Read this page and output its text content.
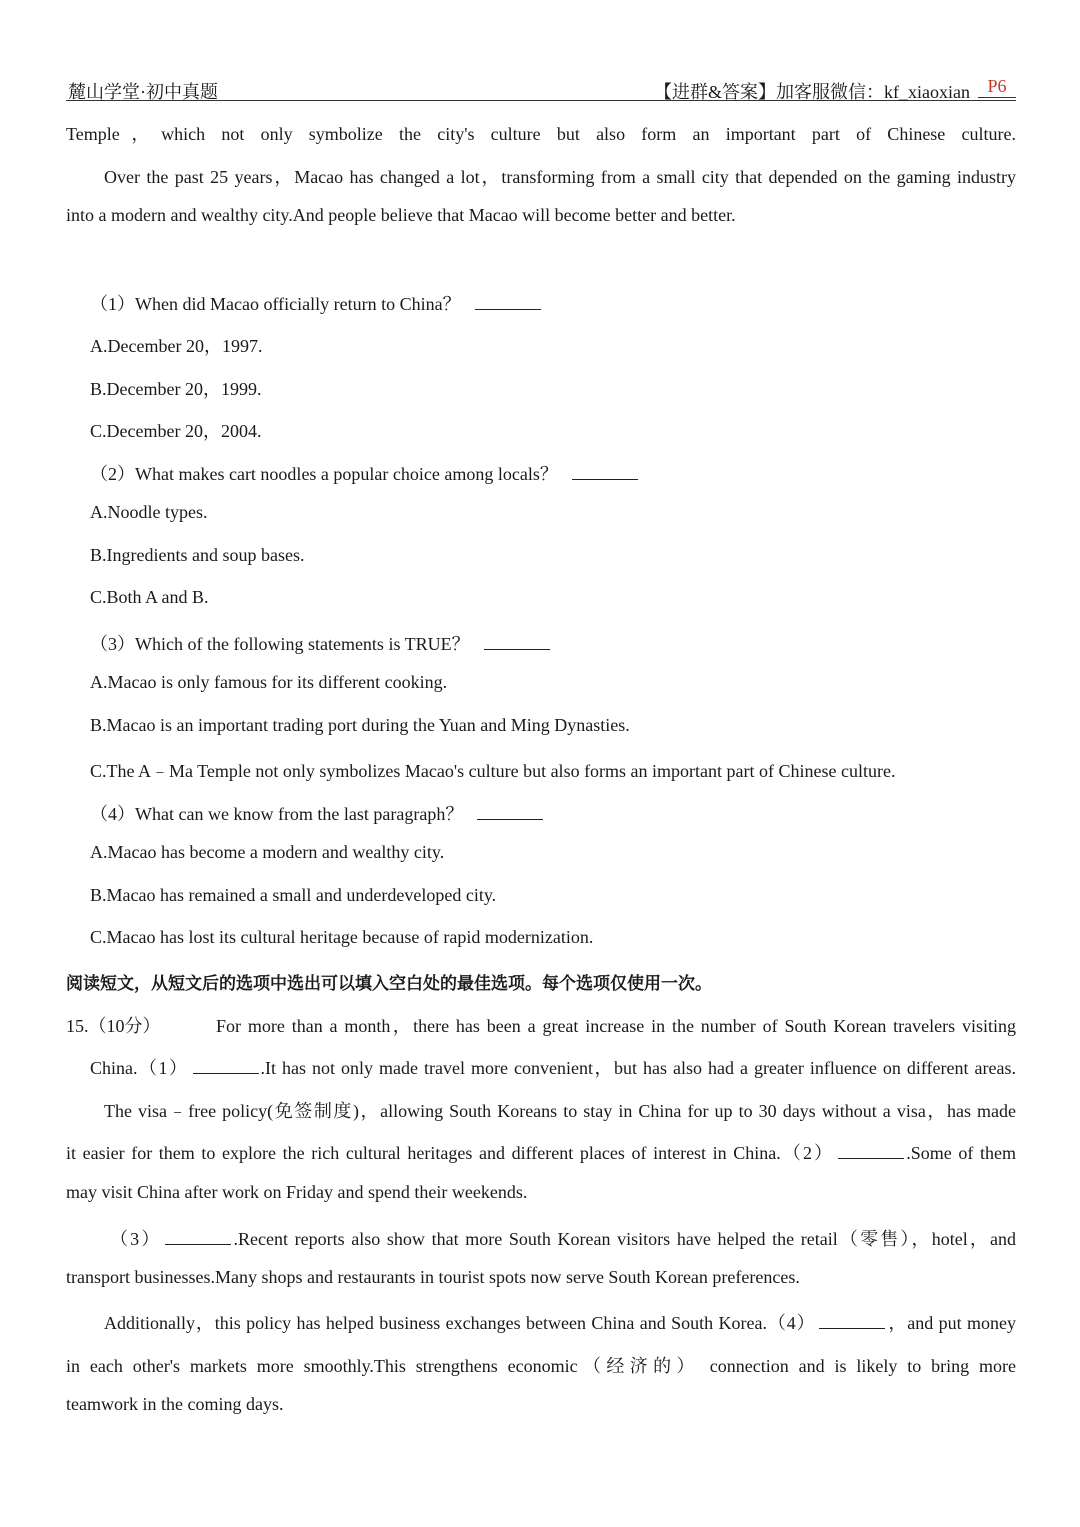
麓山学堂·初中真题	【进群&答案】加客服微信：kf_xiaoxian P6
Temple，which not only symbolize the city's culture but also form an important part of Chinese culture.
Over the past 25 years，Macao has changed a lot，transforming from a small city that depended on the gaming industry
into a modern and wealthy city.And people believe that Macao will become better and better.
（1）When did Macao officially return to China？
A.December 20，1997.
B.December 20，1999.
C.December 20，2004.
（2）What makes cart noodles a popular choice among locals？
A.Noodle types.
B.Ingredients and soup bases.
C.Both A and B.
（3）Which of the following statements is TRUE？
A.Macao is only famous for its different cooking.
B.Macao is an important trading port during the Yuan and Ming Dynasties.
C.The A﹣Ma Temple not only symbolizes Macao's culture but also forms an important part of Chinese culture.
（4）What can we know from the last paragraph？
A.Macao has become a modern and wealthy city.
B.Macao has remained a small and underdeveloped city.
C.Macao has lost its cultural heritage because of rapid modernization.
阅读短文，从短文后的选项中选出可以填入空白处的最佳选项。每个选项仅使用一次。
15.（10分）	For more than a month，there has been a great increase in the number of South Korean travelers visiting
China.（1）	.It has not only made travel more convenient，but has also had a greater influence on different areas.
The visa﹣free policy(免签制度)，allowing South Koreans to stay in China for up to 30 days without a visa，has made
it easier for them to explore the rich cultural heritages and different places of interest in China.（2）	.Some of them
may visit China after work on Friday and spend their weekends.
（3）	.Recent reports also show that more South Korean visitors have helped the retail（零售），hotel，and
transport businesses.Many shops and restaurants in tourist spots now serve South Korean preferences.
Additionally，this policy has helped business exchanges between China and South Korea.（4）	，and put money
in each other's markets more smoothly.This strengthens economic（经济的） connection and is likely to bring more
teamwork in the coming days.
